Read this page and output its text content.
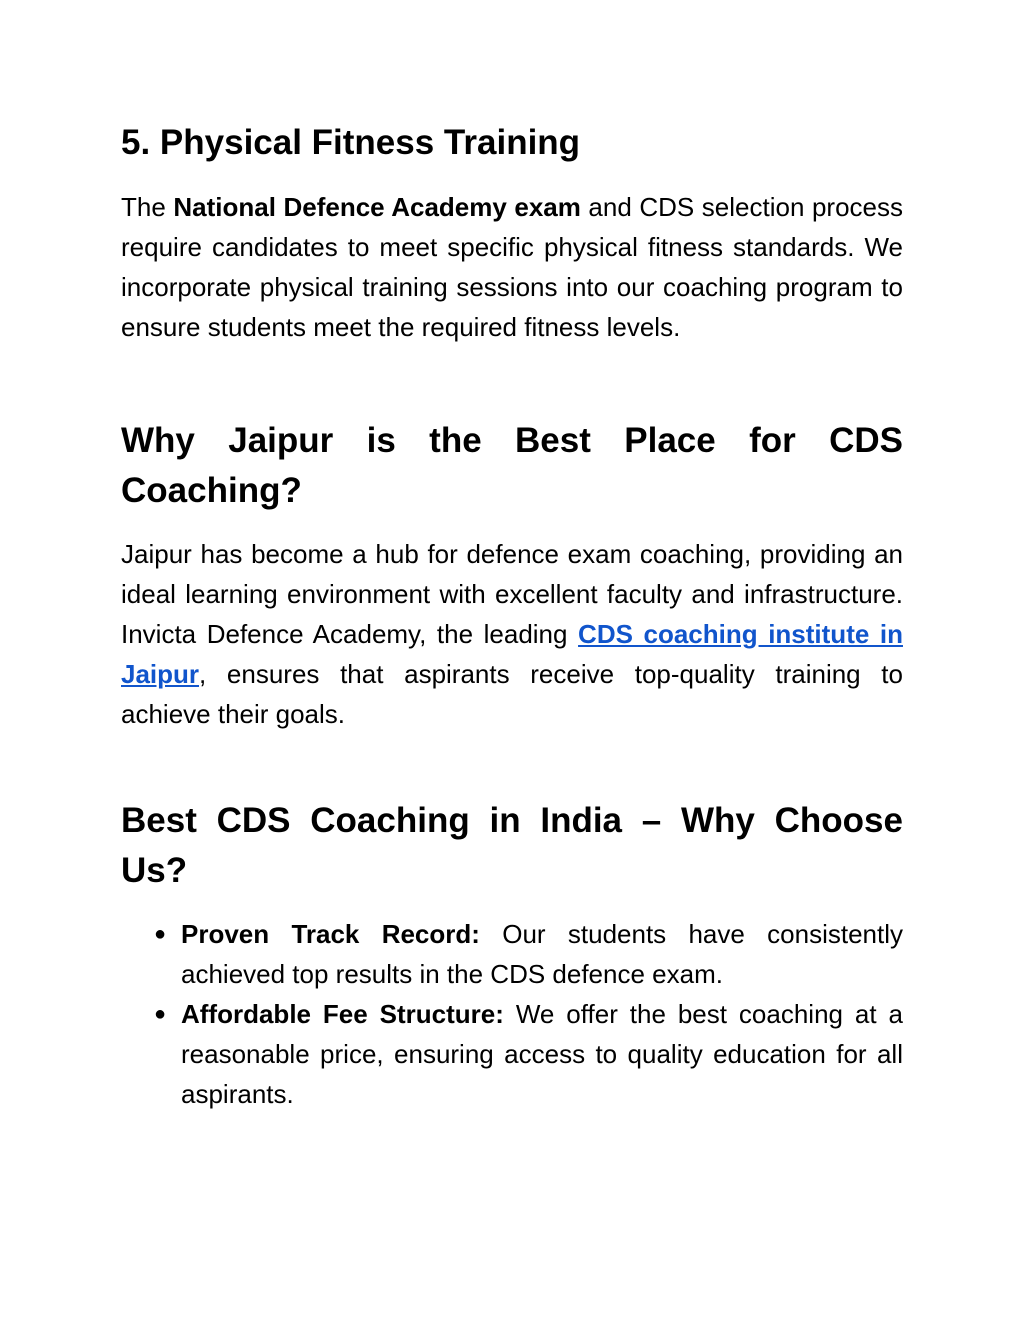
5. Physical Fitness Training

The National Defence Academy exam and CDS selection process require candidates to meet specific physical fitness standards. We incorporate physical training sessions into our coaching program to ensure students meet the required fitness levels.

Why Jaipur is the Best Place for CDS Coaching?

Jaipur has become a hub for defence exam coaching, providing an ideal learning environment with excellent faculty and infrastructure. Invicta Defence Academy, the leading CDS coaching institute in Jaipur, ensures that aspirants receive top-quality training to achieve their goals.

Best CDS Coaching in India – Why Choose Us?
● Proven Track Record: Our students have consistently achieved top results in the CDS defence exam.
● Affordable Fee Structure: We offer the best coaching at a reasonable price, ensuring access to quality education for all aspirants.
